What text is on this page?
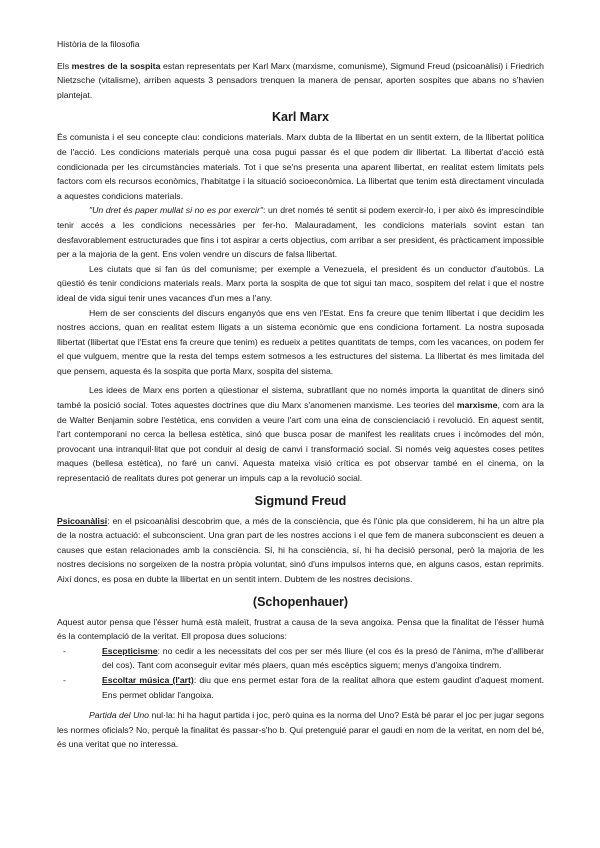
Història de la filosofia

Els mestres de la sospita estan representats per Karl Marx (marxisme, comunisme), Sigmund Freud (psicoanàlisi) i Friedrich Nietzsche (vitalisme), arriben aquests 3 pensadors trenquen la manera de pensar, aporten sospites que abans no s'havien plantejat.

Karl Marx

És comunista i el seu concepte clau: condicions materials. Marx dubta de la llibertat en un sentit extern, de la llibertat política de l'acció. Les condicions materials perquè una cosa pugui passar és el que podem dir llibertat. La llibertat d'acció està condicionada per les circumstàncies materials. Tot i que se'ns presenta una aparent llibertat, en realitat estem limitats pels factors com els recursos econòmics, l'habitatge i la situació socioeconòmica. La llibertat que tenim està directament vinculada a aquestes condicions materials.

"Un dret és paper mullat si no es por exercir": un dret només té sentit si podem exercir-lo, i per això és imprescindible tenir accés a les condicions necessàries per fer-ho. Malauradament, les condicions materials sovint estan tan desfavorablement estructurades que fins i tot aspirar a certs objectius, com arribar a ser president, és pràcticament impossible per a la majoria de la gent. Ens volen vendre un discurs de falsa llibertat.

Les ciutats que si fan ús del comunisme; per exemple a Venezuela, el president és un conductor d'autobús. La qüestió és tenir condicions materials reals. Marx porta la sospita de que tot sigui tan maco, sospitem del relat i que el nostre ideal de vida sigui tenir unes vacances d'un mes a l'any.

Hem de ser conscients del discurs enganyós que ens ven l'Estat. Ens fa creure que tenim llibertat i que decidim les nostres accions, quan en realitat estem lligats a un sistema econòmic que ens condiciona fortament. La nostra suposada llibertat (llibertat que l'Estat ens fa creure que tenim) es redueix a petites quantitats de temps, com les vacances, on podem fer el que vulguem, mentre que la resta del temps estem sotmesos a les estructures del sistema. La llibertat és mes limitada del que pensem, aquesta és la sospita que porta Marx, sospita del sistema.

Les idees de Marx ens porten a qüestionar el sistema, subratllant que no només importa la quantitat de diners sinó també la posició social. Totes aquestes doctrines que diu Marx s'anomenen marxisme. Les teories del marxisme, com ara la de Walter Benjamin sobre l'estètica, ens conviden a veure l'art com una eina de conscienciació i revolució. En aquest sentit, l'art contemporani no cerca la bellesa estètica, sinó que busca posar de manifest les realitats crues i incòmodes del món, provocant una intranquil·litat que pot conduir al desig de canvi i transformació social. Si només veig aquestes coses petites maques (bellesa estètica), no faré un canvi. Aquesta mateixa visió crítica es pot observar també en el cinema, on la representació de realitats dures pot generar un impuls cap a la revolució social.

Sigmund Freud

Psicoanàlisi: en el psicoanàlisi descobrim que, a més de la consciència, que és l'únic pla que considerem, hi ha un altre pla de la nostra actuació: el subconscient. Una gran part de les nostres accions i el que fem de manera subconscient es deuen a causes que estan relacionades amb la consciència. Sí, hi ha consciència, sí, hi ha decisió personal, però la majoria de les nostres decisions no sorgeixen de la nostra pròpia voluntat, sinó d'uns impulsos interns que, en alguns casos, estan reprimits. Així doncs, es posa en dubte la llibertat en un sentit intern. Dubtem de les nostres decisions.

(Schopenhauer)

Aquest autor pensa que l'ésser humà està maleït, frustrat a causa de la seva angoixa. Pensa que la finalitat de l'ésser humà és la contemplació de la veritat. Ell proposa dues solucions:

-	Escepticisme: no cedir a les necessitats del cos per ser més lliure (el cos és la presó de l'ànima, m'he d'alliberar del cos). Tant com aconseguir evitar més plaers, quan més escèptics siguem; menys d'angoixa tindrem.
-	Escoltar música (l'art): diu que ens permet estar fora de la realitat alhora que estem gaudint d'aquest moment. Ens permet oblidar l'angoixa.

Partida del Uno nul·la: hi ha hagut partida i joc, però quina es la norma del Uno? Està bé parar el joc per jugar segons les normes oficials? No, perquè la finalitat és passar-s'ho b. Qui pretenguié parar el gaudi en nom de la veritat, en nom del bé, és una veritat que no interessa.
